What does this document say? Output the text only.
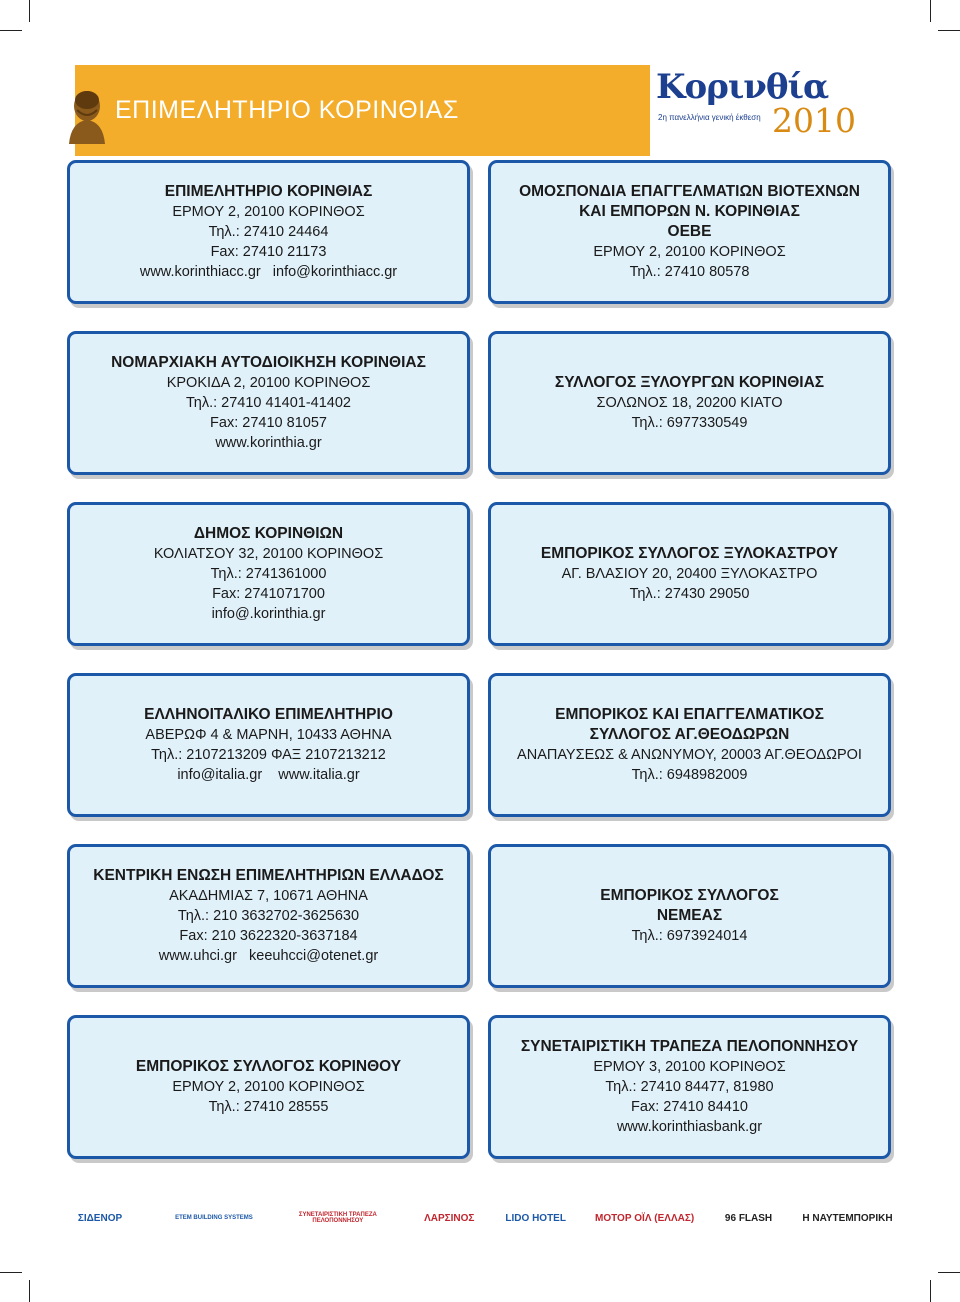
ΕΠΙΜΕΛΗΤΗΡΙΟ ΚΟΡΙΝΘΙΑΣ
Κορινθία
2η πανελλήνια γενική έκθεση 2010
ΕΠΙΜΕΛΗΤΗΡΙΟ ΚΟΡΙΝΘΙΑΣ
ΕΡΜΟΥ 2, 20100 ΚΟΡΙΝΘΟΣ
Τηλ.: 27410 24464
Fax: 27410 21173
www.korinthiacc.gr   info@korinthiacc.gr
ΟΜΟΣΠΟΝΔΙΑ ΕΠΑΓΓΕΛΜΑΤΙΩΝ ΒΙΟΤΕΧΝΩΝ
ΚΑΙ ΕΜΠΟΡΩΝ Ν. ΚΟΡΙΝΘΙΑΣ
ΟΕΒΕ
ΕΡΜΟΥ 2, 20100 ΚΟΡΙΝΘΟΣ
Τηλ.: 27410 80578
ΝΟΜΑΡΧΙΑΚΗ ΑΥΤΟΔΙΟΙΚΗΣΗ ΚΟΡΙΝΘΙΑΣ
ΚΡΟΚΙΔΑ 2, 20100 ΚΟΡΙΝΘΟΣ
Τηλ.: 27410 41401-41402
Fax: 27410 81057
www.korinthia.gr
ΣΥΛΛΟΓΟΣ ΞΥΛΟΥΡΓΩΝ ΚΟΡΙΝΘΙΑΣ
ΣΟΛΩΝΟΣ 18, 20200 ΚΙΑΤΟ
Τηλ.: 6977330549
ΔΗΜΟΣ ΚΟΡΙΝΘΙΩΝ
ΚΟΛΙΑΤΣΟΥ 32, 20100 ΚΟΡΙΝΘΟΣ
Τηλ.: 2741361000
Fax: 2741071700
info@.korinthia.gr
ΕΜΠΟΡΙΚΟΣ ΣΥΛΛΟΓΟΣ ΞΥΛΟΚΑΣΤΡΟΥ
ΑΓ. ΒΛΑΣΙΟΥ 20, 20400 ΞΥΛΟΚΑΣΤΡΟ
Τηλ.: 27430 29050
ΕΛΛΗΝΟΙΤΑΛΙΚΟ ΕΠΙΜΕΛΗΤΗΡΙΟ
ΑΒΕΡΩΦ 4 & ΜΑΡΝΗ, 10433 ΑΘΗΝΑ
Τηλ.: 2107213209 ΦΑΞ 2107213212
info@italia.gr    www.italia.gr
ΕΜΠΟΡΙΚΟΣ ΚΑΙ ΕΠΑΓΓΕΛΜΑΤΙΚΟΣ
ΣΥΛΛΟΓΟΣ ΑΓ.ΘΕΟΔΩΡΩΝ
ΑΝΑΠΑΥΣΕΩΣ & ΑΝΩΝΥΜΟΥ, 20003 ΑΓ.ΘΕΟΔΩΡΟΙ
Τηλ.: 6948982009
ΚΕΝΤΡΙΚΗ ΕΝΩΣΗ ΕΠΙΜΕΛΗΤΗΡΙΩΝ ΕΛΛΑΔΟΣ
ΑΚΑΔΗΜΙΑΣ 7, 10671 ΑΘΗΝΑ
Τηλ.: 210 3632702-3625630
Fax: 210 3622320-3637184
www.uhci.gr   keeuhcci@otenet.gr
ΕΜΠΟΡΙΚΟΣ ΣΥΛΛΟΓΟΣ
ΝΕΜΕΑΣ
Τηλ.: 6973924014
ΕΜΠΟΡΙΚΟΣ ΣΥΛΛΟΓΟΣ ΚΟΡΙΝΘΟΥ
ΕΡΜΟΥ 2, 20100 ΚΟΡΙΝΘΟΣ
Τηλ.: 27410 28555
ΣΥΝΕΤΑΙΡΙΣΤΙΚΗ ΤΡΑΠΕΖΑ ΠΕΛΟΠΟΝΝΗΣΟΥ
ΕΡΜΟΥ 3, 20100 ΚΟΡΙΝΘΟΣ
Τηλ.: 27410 84477, 81980
Fax: 27410 84410
www.korinthiasbank.gr
ΣΙΔΕΝΟΡ	ETEM BUILDING SYSTEMS	ΣΥΝΕΤΑΙΡΙΣΤΙΚΗ ΤΡΑΠΕΖΑ ΠΕΛΟΠΟΝΝΗΣΟΥ	ΛΑΡΣΙΝΟΣ	LIDO HOTEL	ΜΟΤΟΡ ΟΪΛ (ΕΛΛΑΣ)	96 FLASH	Η ΝΑΥΤΕΜΠΟΡΙΚΗ
